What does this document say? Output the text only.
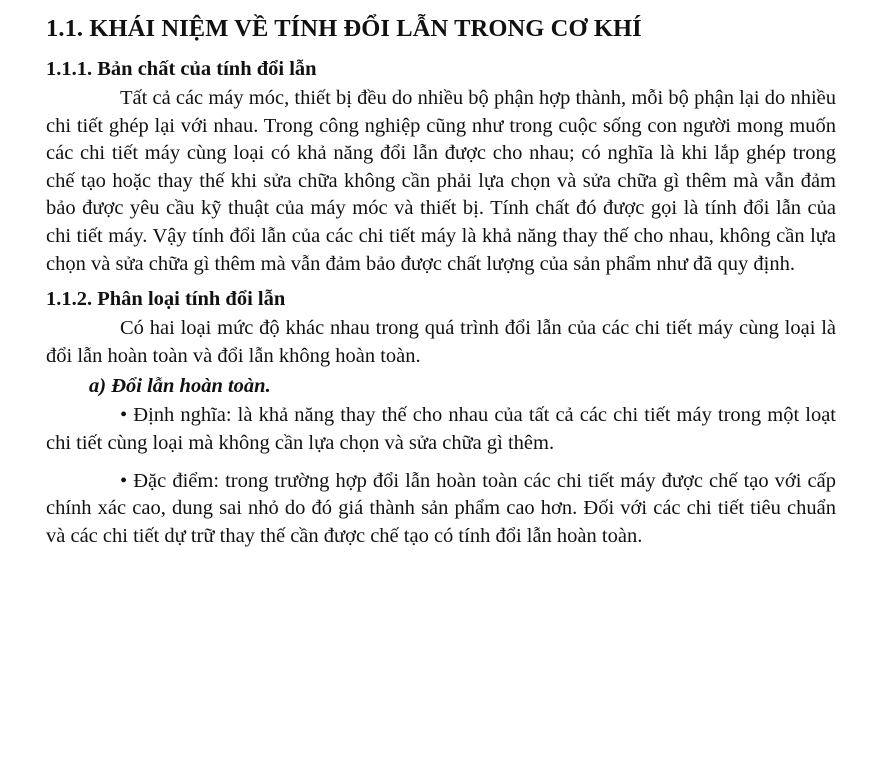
1.1. KHÁI NIỆM VỀ TÍNH ĐỔI LẪN TRONG CƠ KHÍ
1.1.1. Bản chất của tính đổi lẫn

Tất cả các máy móc, thiết bị đều do nhiều bộ phận hợp thành, mỗi bộ phận lại do nhiều chi tiết ghép lại với nhau. Trong công nghiệp cũng như trong cuộc sống con người mong muốn các chi tiết máy cùng loại có khả năng đổi lẫn được cho nhau; có nghĩa là khi lắp ghép trong chế tạo hoặc thay thế khi sửa chữa không cần phải lựa chọn và sửa chữa gì thêm mà vẫn đảm bảo được yêu cầu kỹ thuật của máy móc và thiết bị. Tính chất đó được gọi là tính đổi lẫn của chi tiết máy. Vậy tính đổi lẫn của các chi tiết máy là khả năng thay thế cho nhau, không cần lựa chọn và sửa chữa gì thêm mà vẫn đảm bảo được chất lượng của sản phẩm như đã quy định.

1.1.2. Phân loại tính đổi lẫn

Có hai loại mức độ khác nhau trong quá trình đổi lẫn của các chi tiết máy cùng loại là đổi lẫn hoàn toàn và đổi lẫn không hoàn toàn.

a) Đổi lẫn hoàn toàn.

• Định nghĩa: là khả năng thay thế cho nhau của tất cả các chi tiết máy trong một loạt chi tiết cùng loại mà không cần lựa chọn và sửa chữa gì thêm.

• Đặc điểm: trong trường hợp đổi lẫn hoàn toàn các chi tiết máy được chế tạo với cấp chính xác cao, dung sai nhỏ do đó giá thành sản phẩm cao hơn. Đối với các chi tiết tiêu chuẩn và các chi tiết dự trữ thay thế cần được chế tạo có tính đổi lẫn hoàn toàn.
